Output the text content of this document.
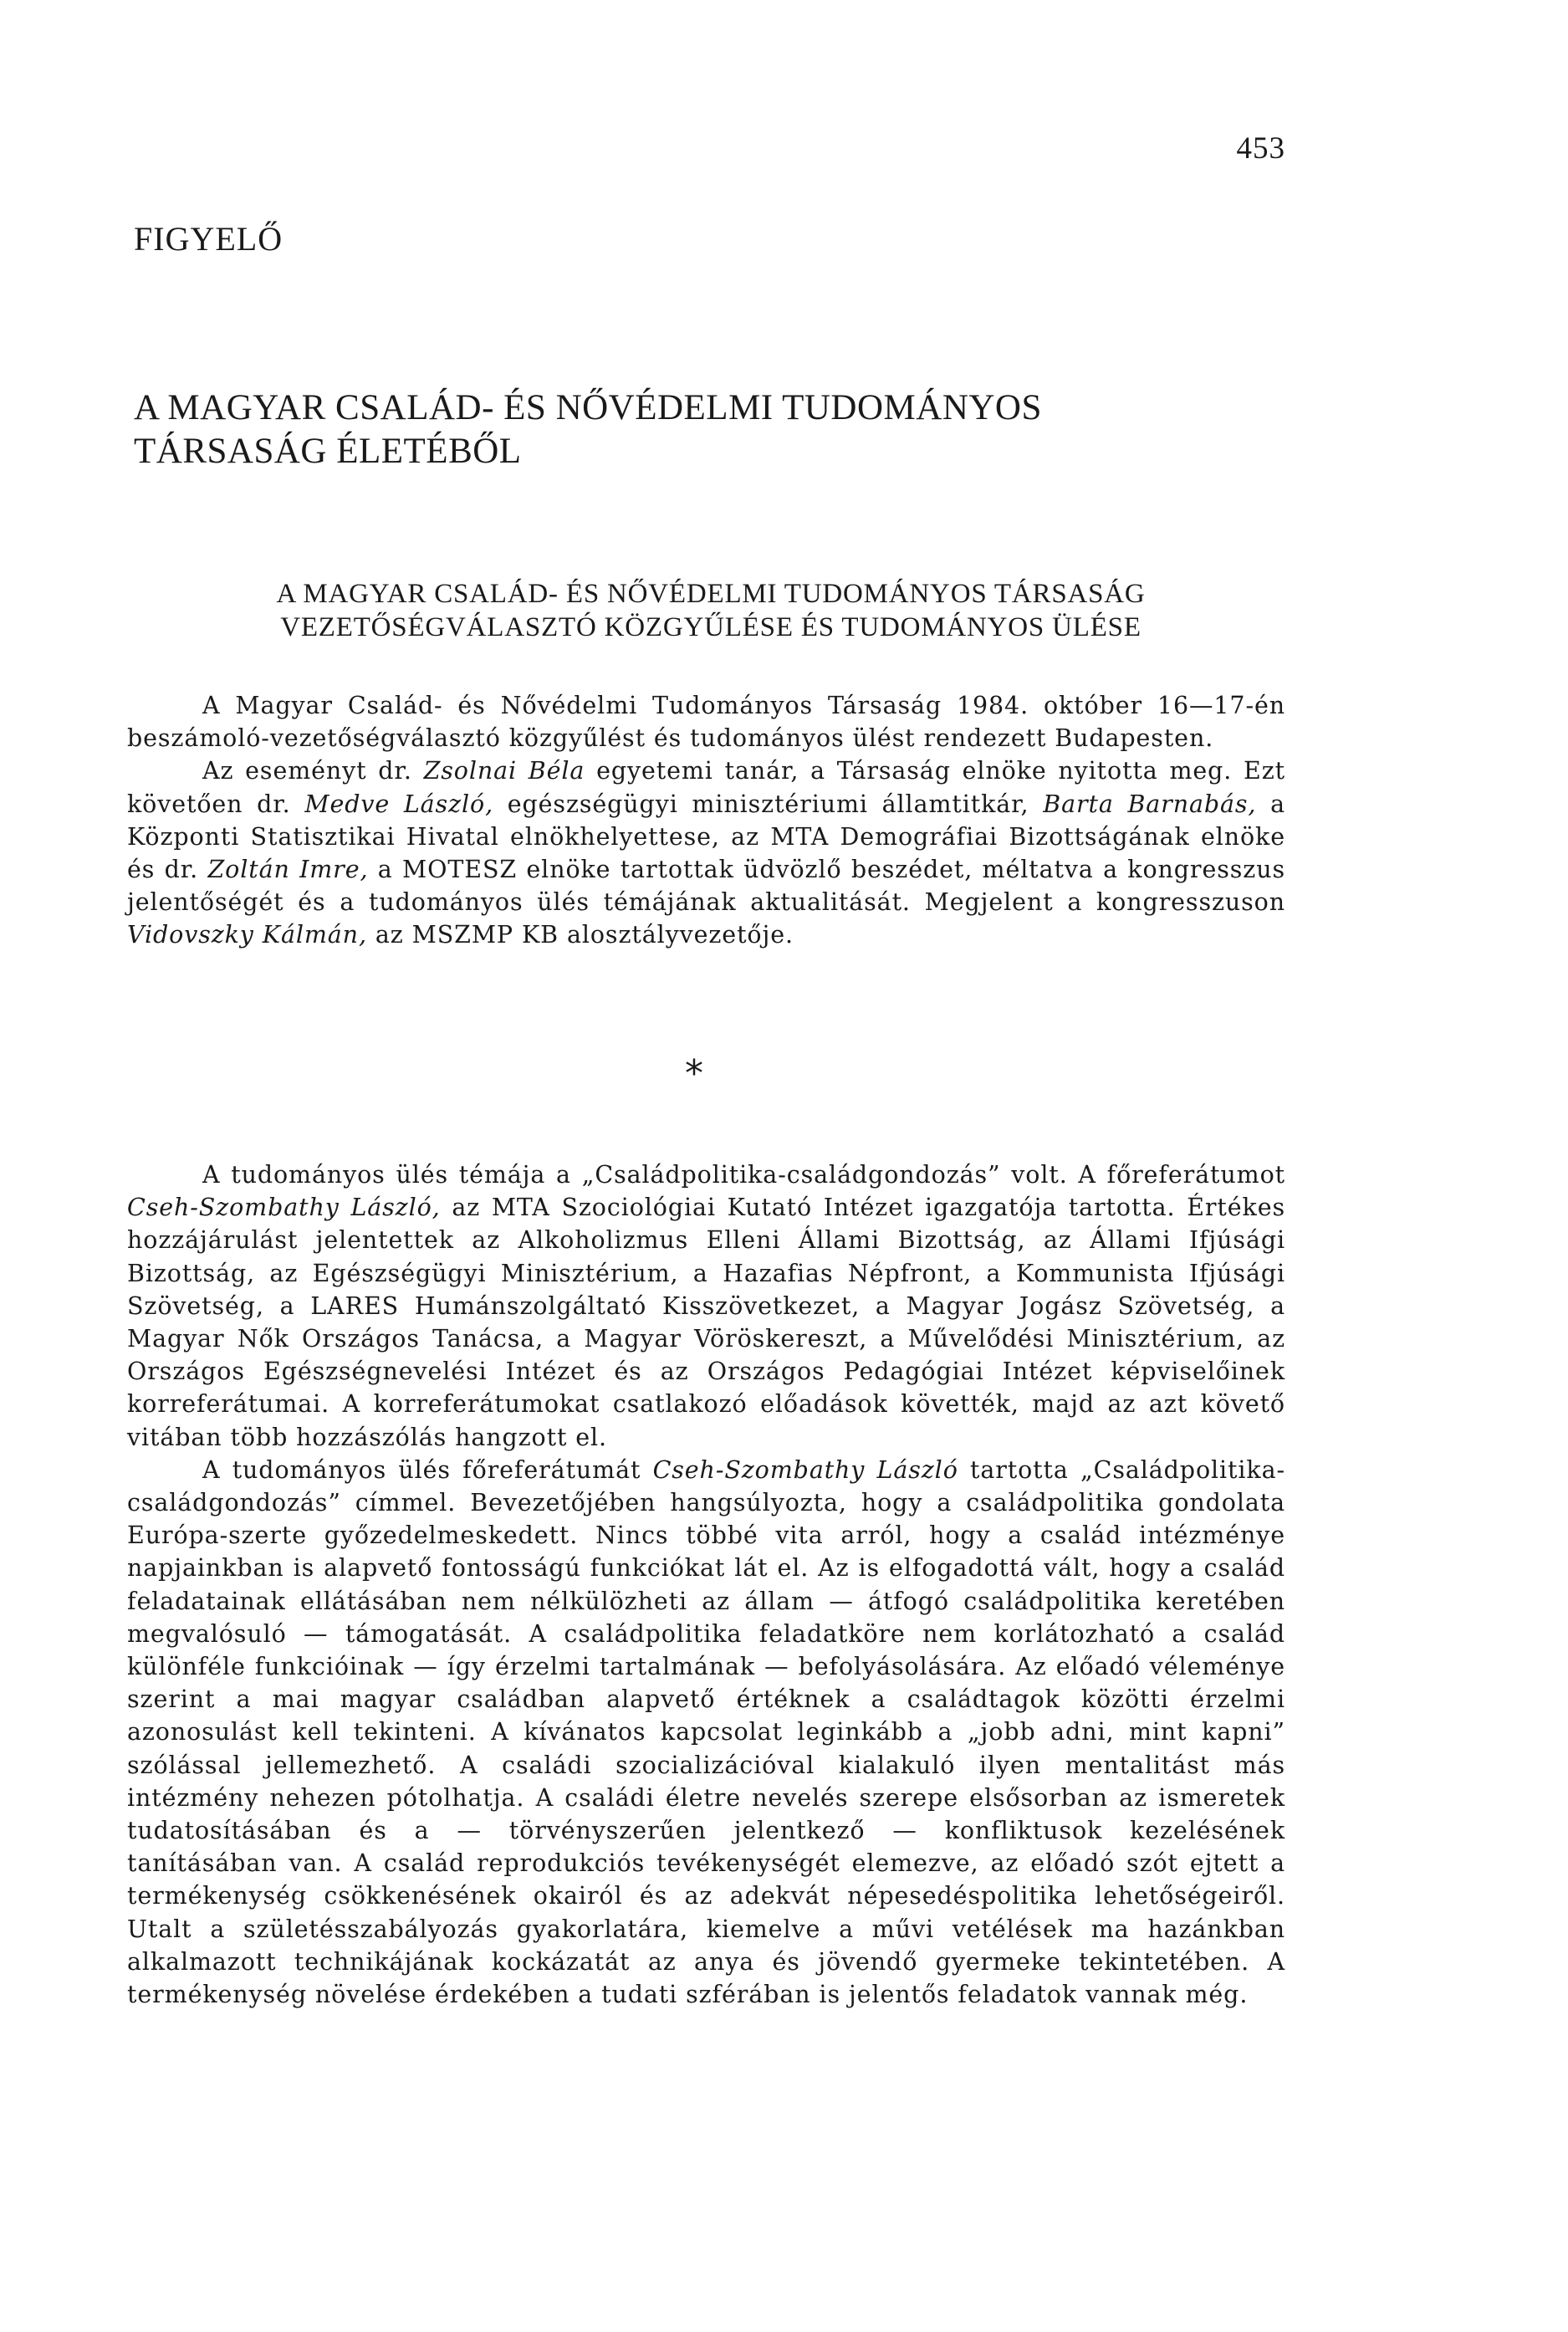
453
FIGYELŐ
A MAGYAR CSALÁD- ÉS NŐVÉDELMI TUDOMÁNYOS TÁRSASÁG ÉLETÉBŐL
A MAGYAR CSALÁD- ÉS NŐVÉDELMI TUDOMÁNYOS TÁRSASÁG
VEZETŐSÉGVÁLASZTÓ KÖZGYŰLÉSE ÉS TUDOMÁNYOS ÜLÉSE

A Magyar Család- és Nővédelmi Tudományos Társaság 1984. október 16—17-én beszámoló-vezetőségválasztó közgyűlést és tudományos ülést rendezett Budapesten.

Az eseményt dr. Zsolnai Béla egyetemi tanár, a Társaság elnöke nyitotta meg. Ezt követően dr. Medve László, egészségügyi minisztériumi államtitkár, Barta Barnabás, a Központi Statisztikai Hivatal elnökhelyettese, az MTA Demográfiai Bizottságának elnöke és dr. Zoltán Imre, a MOTESZ elnöke tartottak üdvözlő beszédet, méltatva a kongresszus jelentőségét és a tudományos ülés témájának aktualitását. Megjelent a kongresszuson Vidovszky Kálmán, az MSZMP KB alosztályvezetője.

*

A tudományos ülés témája a „Családpolitika-családgondozás” volt. A főreferátumot Cseh-Szombathy László, az MTA Szociológiai Kutató Intézet igazgatója tartotta. Értékes hozzájárulást jelentettek az Alkoholizmus Elleni Állami Bizottság, az Állami Ifjúsági Bizottság, az Egészségügyi Minisztérium, a Hazafias Népfront, a Kommunista Ifjúsági Szövetség, a LARES Humánszolgáltató Kisszövetkezet, a Magyar Jogász Szövetség, a Magyar Nők Országos Tanácsa, a Magyar Vöröskereszt, a Művelődési Minisztérium, az Országos Egészségnevelési Intézet és az Országos Pedagógiai Intézet képviselőinek korreferátumai. A korreferátumokat csatlakozó előadások követték, majd az azt követő vitában több hozzászólás hangzott el.

A tudományos ülés főreferátumát Cseh-Szombathy László tartotta „Családpolitika-családgondozás” címmel. Bevezetőjében hangsúlyozta, hogy a családpolitika gondolata Európa-szerte győzedelmeskedett. Nincs többé vita arról, hogy a család intézménye napjainkban is alapvető fontosságú funkciókat lát el. Az is elfogadottá vált, hogy a család feladatainak ellátásában nem nélkülözheti az állam — átfogó családpolitika keretében megvalósuló — támogatását. A családpolitika feladatköre nem korlátozható a család különféle funkcióinak — így érzelmi tartalmának — befolyásolására. Az előadó véleménye szerint a mai magyar családban alapvető értéknek a családtagok közötti érzelmi azonosulást kell tekinteni. A kívánatos kapcsolat leginkább a „jobb adni, mint kapni” szólással jellemezhető. A családi szocializációval kialakuló ilyen mentalitást más intézmény nehezen pótolhatja. A családi életre nevelés szerepe elsősorban az ismeretek tudatosításában és a — törvényszerűen jelentkező — konfliktusok kezelésének tanításában van. A család reprodukciós tevékenységét elemezve, az előadó szót ejtett a termékenység csökkenésének okairól és az adekvát népesedéspolitika lehetőségeiről. Utalt a születésszabályozás gyakorlatára, kiemelve a művi vetélések ma hazánkban alkalmazott technikájának kockázatát az anya és jövendő gyermeke tekintetében. A termékenység növelése érdekében a tudati szférában is jelentős feladatok vannak még.
